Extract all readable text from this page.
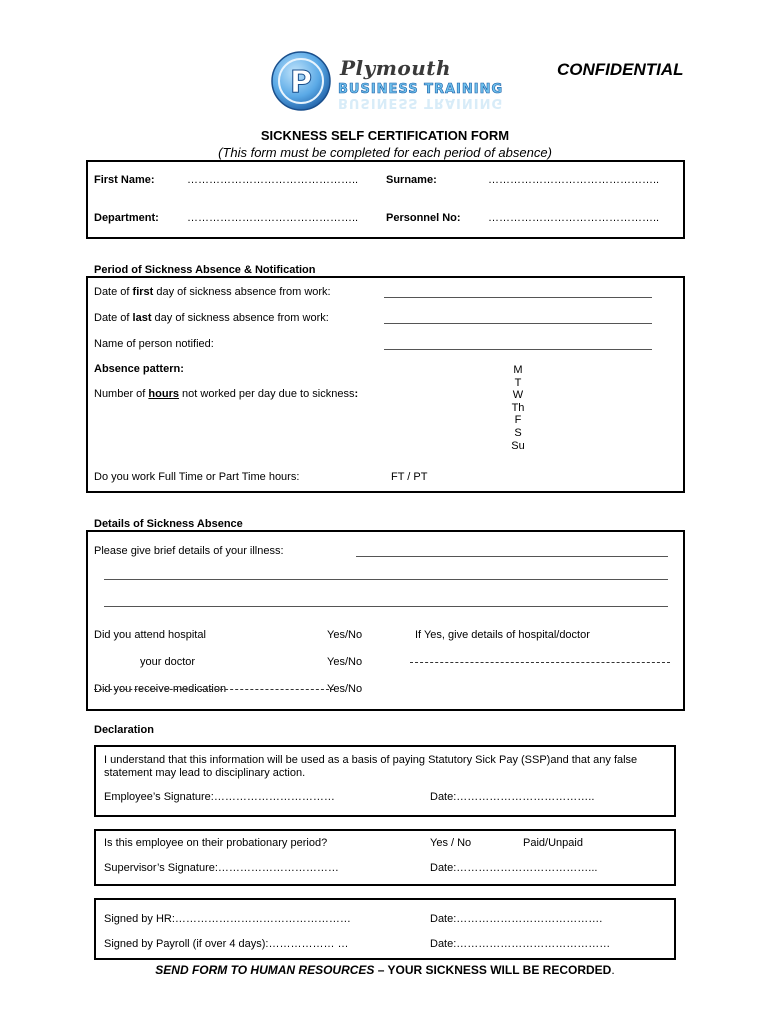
P Plymouth
BUSINESS TRAINING
BUSINESS TRAINING
CONFIDENTIAL
SICKNESS SELF CERTIFICATION FORM
(This form must be completed for each period of absence)
First Name:	………………………………………..	Surname:	………………………………………..
Department:	………………………………………..	Personnel No: ………………………………………..
Period of Sickness Absence & Notification
Date of first day of sickness absence from work:
Date of last day of sickness absence from work:
Name of person notified:
Absence pattern:
Number of hours not worked per day due to sickness:
M
T
W
Th
F
S
Su
Do you work Full Time or Part Time hours:	FT / PT
Details of Sickness Absence
Please give brief details of your illness:
Did you attend hospital	Yes/No	If Yes, give details of hospital/doctor
your doctor	Yes/No
Did you receive medication	Yes/No
Declaration
I understand that this information will be used as a basis of paying Statutory Sick Pay (SSP)and that any false statement may lead to disciplinary action.
Employee’s Signature:……………………………	Date:………………………………..
Is this employee on their probationary period?	Yes / No	Paid/Unpaid
Supervisor’s Signature:……………………………	Date:………………………………...
Signed by HR:…………………………………………	Date:………………………………….
Signed by Payroll (if over 4 days):……………… …	Date:……………………………………
SEND FORM TO HUMAN RESOURCES – YOUR SICKNESS WILL BE RECORDED.
